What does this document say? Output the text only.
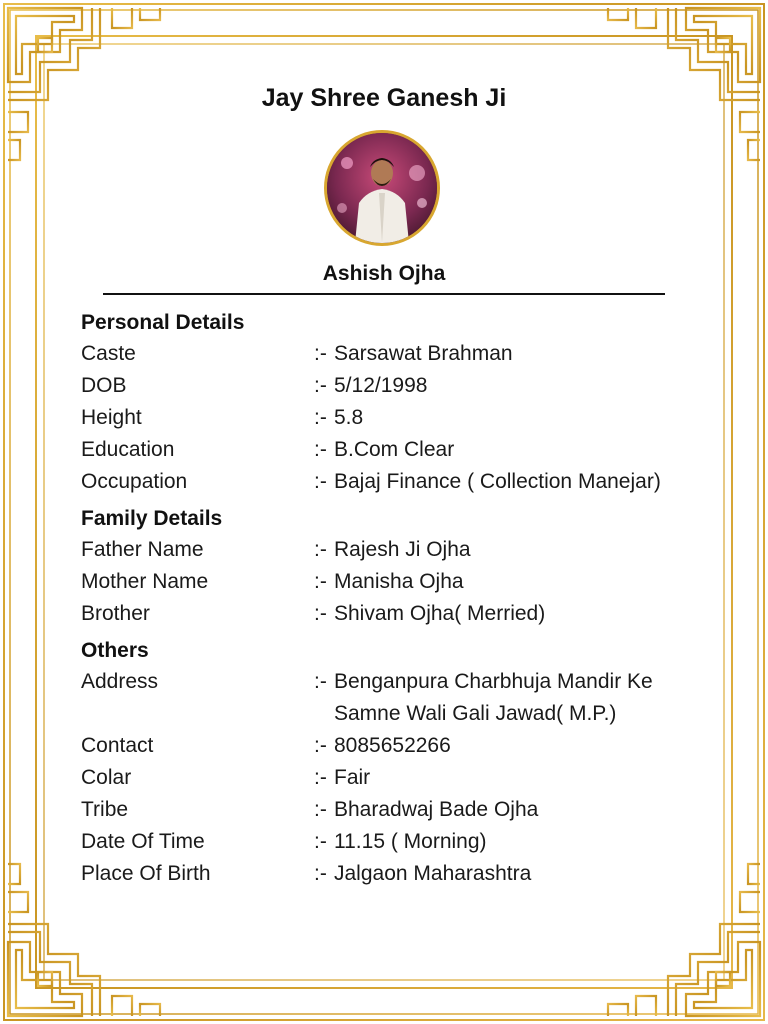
Jay Shree Ganesh Ji
Ashish Ojha
Personal Details
Caste	:- Sarsawat Brahman
DOB	:- 5/12/1998
Height	:- 5.8
Education	:- B.Com Clear
Occupation	:- Bajaj Finance ( Collection Manejar)
Family Details
Father Name	:- Rajesh Ji Ojha
Mother Name	:- Manisha Ojha
Brother	:- Shivam Ojha( Merried)
Others
Address	:- Benganpura Charbhuja Mandir Ke Samne Wali Gali Jawad( M.P.)
Contact	:- 8085652266
Colar	:- Fair
Tribe	:- Bharadwaj Bade Ojha
Date Of Time	:- 11.15 ( Morning)
Place Of Birth	:- Jalgaon Maharashtra
